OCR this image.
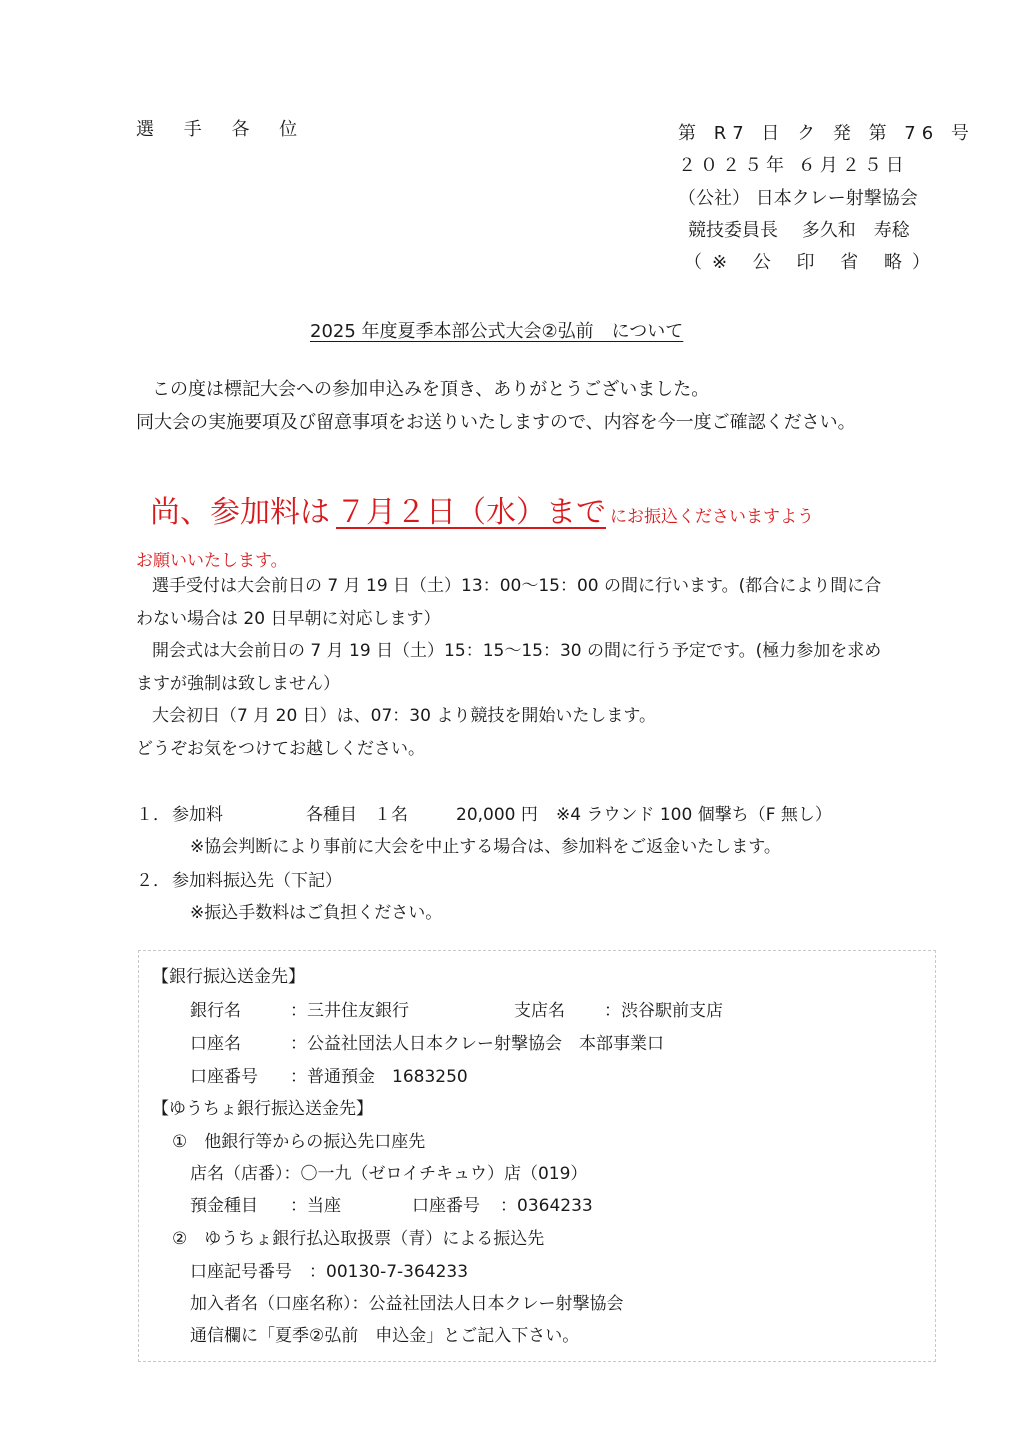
選 手 各 位	第 R7 日 ク 発 第 76 号
２０２５年 ６月２５日
（公社） 日本クレー射撃協会
競技委員長　 多久和　寿稔
（※ 公 印 省 略）
2025 年度夏季本部公式大会②弘前　について
この度は標記大会への参加申込みを頂き、ありがとうございました。
同大会の実施要項及び留意事項をお送りいたしますので、内容を今一度ご確認ください。
尚、参加料は ７月２日（水）まで にお振込くださいますよう
お願いいたします。
選手受付は大会前日の 7 月 19 日（土）13：00～15：00 の間に行います。(都合により間に合
わない場合は 20 日早朝に対応します）
開会式は大会前日の 7 月 19 日（土）15：15～15：30 の間に行う予定です。(極力参加を求め
ますが強制は致しません）
大会初日（7 月 20 日）は、07：30 より競技を開始いたします。
どうぞお気をつけてお越しください。
１． 参加料	各種目　１名	20,000 円 ※4 ラウンド 100 個撃ち（F 無し）
※協会判断により事前に大会を中止する場合は、参加料をご返金いたします。
２． 参加料振込先（下記）
※振込手数料はご負担ください。
【銀行振込送金先】
銀行名	：三井住友銀行	支店名 ：渋谷駅前支店
口座名	：公益社団法人日本クレー射撃協会　本部事業口
口座番号 ：普通預金　1683250
【ゆうちょ銀行振込送金先】
①　他銀行等からの振込先口座先
店名（店番）：〇一九（ゼロイチキュウ）店（019）
預金種目 ：当座	口座番号 ：0364233
②　ゆうちょ銀行払込取扱票（青）による振込先
口座記号番号　：00130-7-364233
加入者名（口座名称）：公益社団法人日本クレー射撃協会
通信欄に「夏季②弘前　申込金」とご記入下さい。
